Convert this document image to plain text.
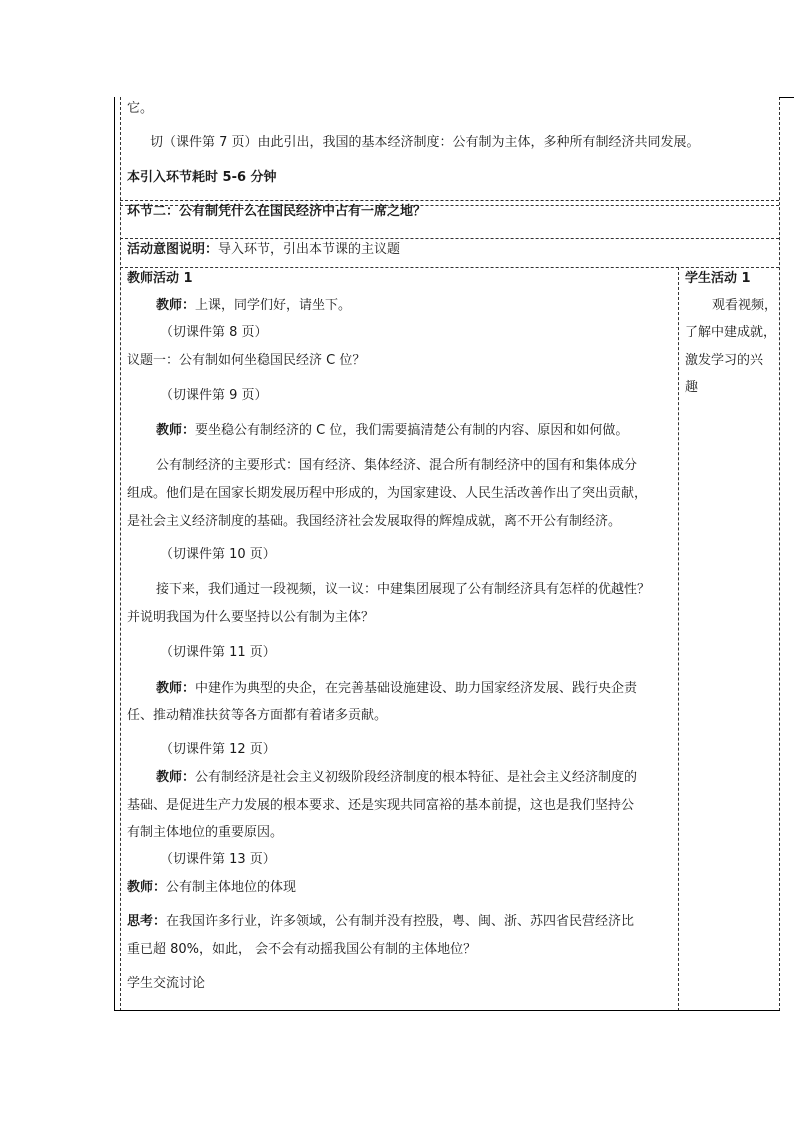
它。
切（课件第 7 页）由此引出，我国的基本经济制度：公有制为主体，多种所有制经济共同发展。
本引入环节耗时 5-6 分钟
环节二：公有制凭什么在国民经济中占有一席之地？
活动意图说明：导入环节，引出本节课的主议题
教师活动 1
教师：上课，同学们好，请坐下。
（切课件第 8 页）
议题一：公有制如何坐稳国民经济 C 位？
（切课件第 9 页）
教师：要坐稳公有制经济的 C 位，我们需要搞清楚公有制的内容、原因和如何做。
公有制经济的主要形式：国有经济、集体经济、混合所有制经济中的国有和集体成分
组成。他们是在国家长期发展历程中形成的，为国家建设、人民生活改善作出了突出贡献，
是社会主义经济制度的基础。我国经济社会发展取得的辉煌成就，离不开公有制经济。
（切课件第 10 页）
接下来，我们通过一段视频，议一议：中建集团展现了公有制经济具有怎样的优越性？
并说明我国为什么要坚持以公有制为主体？
（切课件第 11 页）
教师：中建作为典型的央企，在完善基础设施建设、助力国家经济发展、践行央企责
任、推动精准扶贫等各方面都有着诸多贡献。
（切课件第 12 页）
教师：公有制经济是社会主义初级阶段经济制度的根本特征、是社会主义经济制度的
基础、是促进生产力发展的根本要求、还是实现共同富裕的基本前提，这也是我们坚持公
有制主体地位的重要原因。
（切课件第 13 页）
教师：公有制主体地位的体现
思考：在我国许多行业，许多领域，公有制并没有控股，粤、闽、浙、苏四省民营经济比
重已超 80%，如此， 会不会有动摇我国公有制的主体地位？
学生交流讨论
学生活动 1
观看视频，
了解中建成就，
激发学习的兴
趣
